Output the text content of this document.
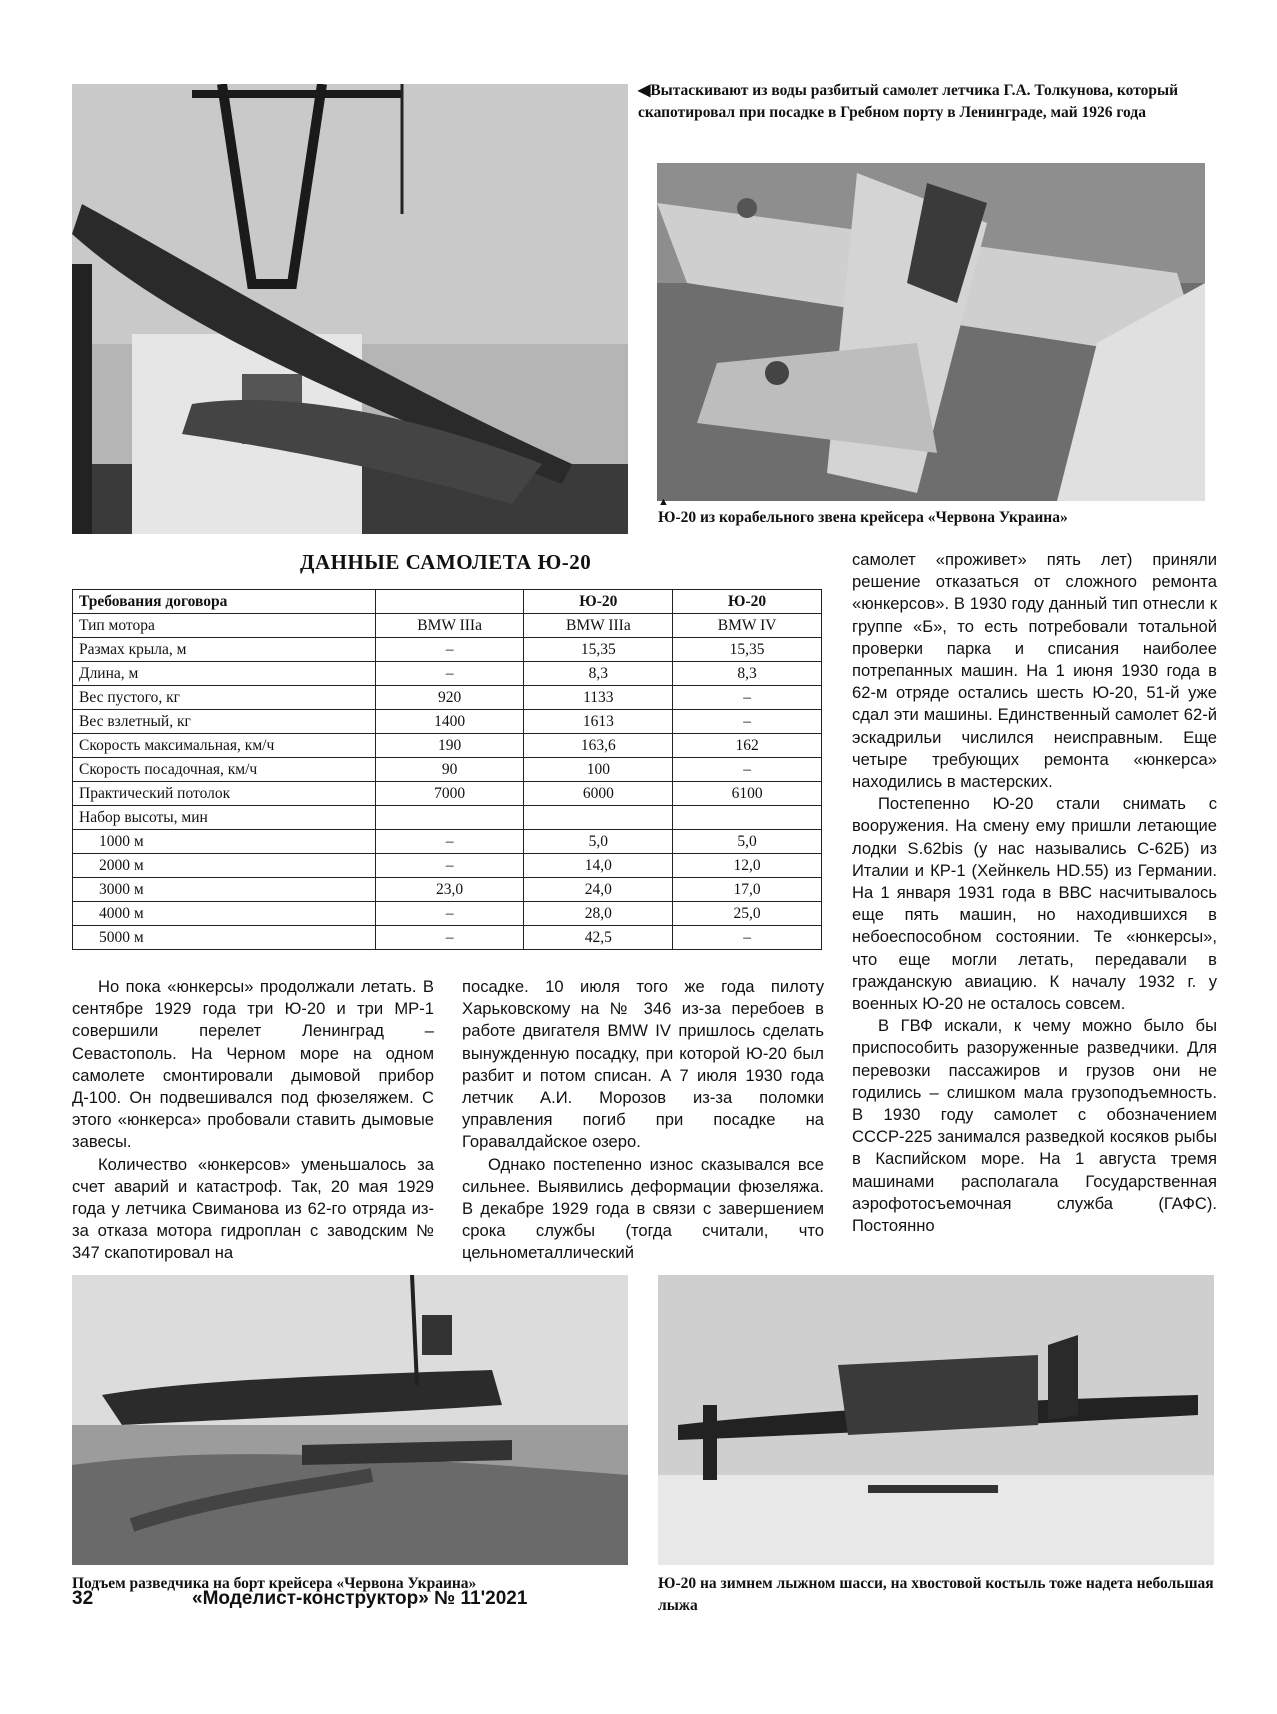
◀Вытаскивают из воды разбитый самолет летчика Г.А. Толкунова, который скапотировал при посадке в Гребном порту в Ленинграде, май 1926 года
▲
Ю-20 из корабельного звена крейсера «Червона Украина»
ДАННЫЕ САМОЛЕТА Ю-20
Требования договора		Ю-20	Ю-20
Тип мотора	BMW IIIa	BMW IIIa	BMW IV
Размах крыла, м	–	15,35	15,35
Длина, м	–	8,3	8,3
Вес пустого, кг	920	1133	–
Вес взлетный, кг	1400	1613	–
Скорость максимальная, км/ч	190	163,6	162
Скорость посадочная, км/ч	90	100	–
Практический потолок	7000	6000	6100
Набор высоты, мин			
1000 м	–	5,0	5,0
2000 м	–	14,0	12,0
3000 м	23,0	24,0	17,0
4000 м	–	28,0	25,0
5000 м	–	42,5	–

самолет «проживет» пять лет) приняли решение отказаться от сложного ремонта «юнкерсов». В 1930 году данный тип отнесли к группе «Б», то есть потребовали тотальной проверки парка и списания наиболее потрепанных машин. На 1 июня 1930 года в 62-м отряде остались шесть Ю-20, 51-й уже сдал эти машины. Единственный самолет 62-й эскадрильи числился неисправным. Еще четыре требующих ремонта «юнкерса» находились в мастерских.

Постепенно Ю-20 стали снимать с вооружения. На смену ему пришли летающие лодки S.62bis (у нас назывались С-62Б) из Италии и КР-1 (Хейнкель HD.55) из Германии. На 1 января 1931 года в ВВС насчитывалось еще пять машин, но находившихся в небоеспособном состоянии. Те «юнкерсы», что еще могли летать, передавали в гражданскую авиацию. К началу 1932 г. у военных Ю-20 не осталось совсем.

В ГВФ искали, к чему можно было бы приспособить разоруженные разведчики. Для перевозки пассажиров и грузов они не годились – слишком мала грузоподъемность. В 1930 году самолет с обозначением СССР-225 занимался разведкой косяков рыбы в Каспийском море. На 1 августа тремя машинами располагала Государственная аэрофотосъемочная служба (ГАФС). Постоянно

Но пока «юнкерсы» продолжали летать. В сентябре 1929 года три Ю-20 и три МР-1 совершили перелет Ленинград – Севастополь. На Черном море на одном самолете смонтировали дымовой прибор Д-100. Он подвешивался под фюзеляжем. С этого «юнкерса» пробовали ставить дымовые завесы.

Количество «юнкерсов» уменьшалось за счет аварий и катастроф. Так, 20 мая 1929 года у летчика Свиманова из 62-го отряда из-за отказа мотора гидроплан с заводским № 347 скапотировал на

посадке. 10 июля того же года пилоту Харьковскому на № 346 из-за перебоев в работе двигателя BMW IV пришлось сделать вынужденную посадку, при которой Ю-20 был разбит и потом списан. А 7 июля 1930 года летчик А.И. Морозов из-за поломки управления погиб при посадке на Горавалдайское озеро.

Однако постепенно износ сказывался все сильнее. Выявились деформации фюзеляжа. В декабре 1929 года в связи с завершением срока службы (тогда считали, что цельнометаллический

Подъем разведчика на борт крейсера «Червона Украина»	Ю-20 на зимнем лыжном шасси, на хвостовой костыль тоже надета небольшая лыжа
32	«Моделист-конструктор» № 11'2021
